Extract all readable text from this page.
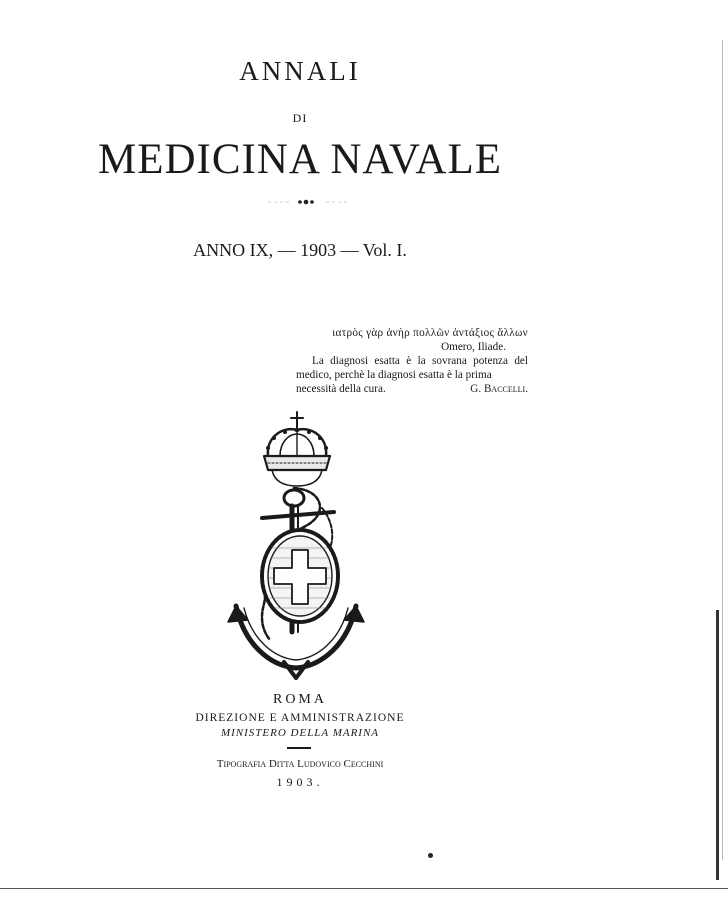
ANNALI
DI
MEDICINA NAVALE
ANNO IX, — 1903 — Vol. I.
ιατρὸς γὰρ ἀνὴρ πολλῶν ἀντάξιος ἄλλων
Omero, Iliade.
La diagnosi esatta è la sovrana potenza del medico, perchè la diagnosi esatta è la prima
necessità della cura.	G. Baccelli.
ROMA
DIREZIONE E AMMINISTRAZIONE
MINISTERO DELLA MARINA
Tipografia Ditta Ludovico Cecchini
1903.
